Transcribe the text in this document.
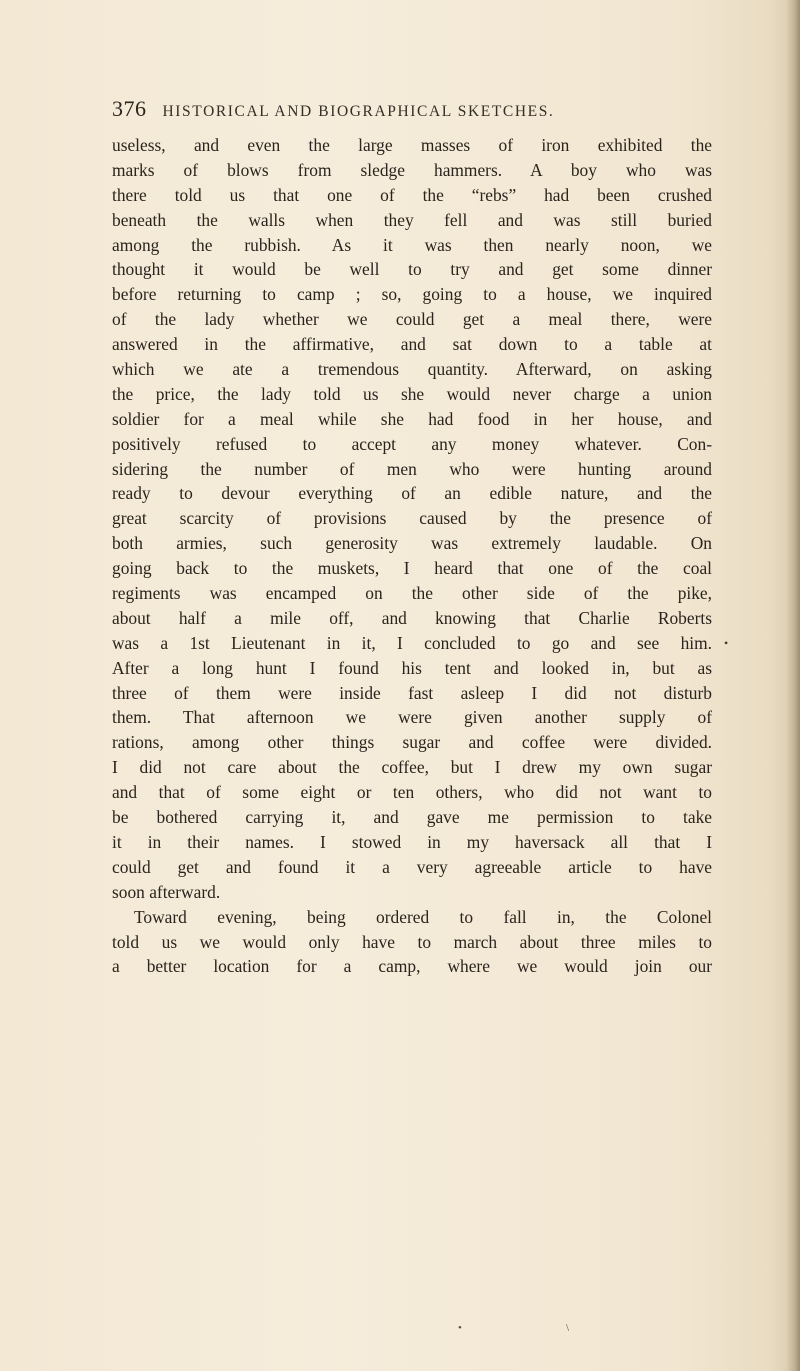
376 HISTORICAL AND BIOGRAPHICAL SKETCHES.
useless, and even the large masses of iron exhibited the
marks of blows from sledge hammers. A boy who was
there told us that one of the “rebs” had been crushed
beneath the walls when they fell and was still buried
among the rubbish. As it was then nearly noon, we
thought it would be well to try and get some dinner
before returning to camp ; so, going to a house, we inquired
of the lady whether we could get a meal there, were
answered in the affirmative, and sat down to a table at
which we ate a tremendous quantity. Afterward, on asking
the price, the lady told us she would never charge a union
soldier for a meal while she had food in her house, and
positively refused to accept any money whatever. Con-
sidering the number of men who were hunting around
ready to devour everything of an edible nature, and the
great scarcity of provisions caused by the presence of
both armies, such generosity was extremely laudable. On
going back to the muskets, I heard that one of the coal
regiments was encamped on the other side of the pike,
about half a mile off, and knowing that Charlie Roberts
was a 1st Lieutenant in it, I concluded to go and see him.
After a long hunt I found his tent and looked in, but as
three of them were inside fast asleep I did not disturb
them. That afternoon we were given another supply of
rations, among other things sugar and coffee were divided.
I did not care about the coffee, but I drew my own sugar
and that of some eight or ten others, who did not want to
be bothered carrying it, and gave me permission to take
it in their names. I stowed in my haversack all that I
could get and found it a very agreeable article to have
soon afterward.
Toward evening, being ordered to fall in, the Colonel
told us we would only have to march about three miles to
a better location for a camp, where we would join our
•
•	\
